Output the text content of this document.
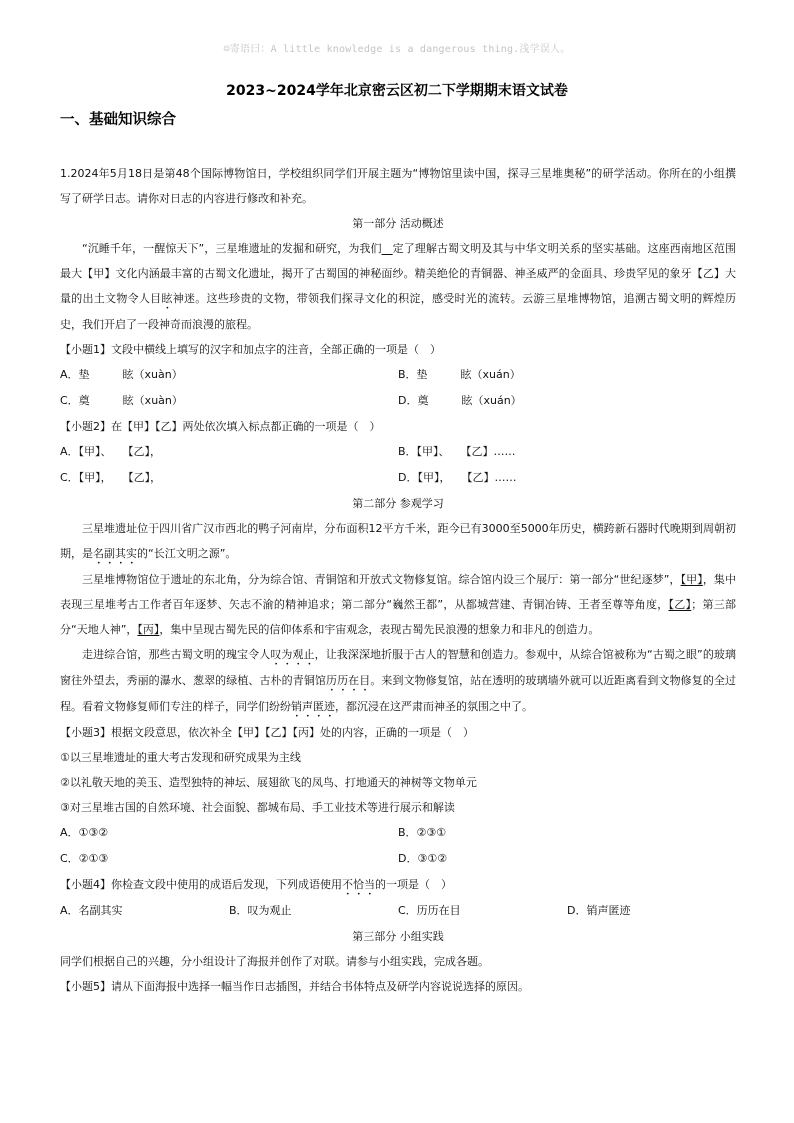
☺寄语曰：A little knowledge is a dangerous thing.浅学误人。
2023~2024学年北京密云区初二下学期期末语文试卷
一、基础知识综合

1.2024年5月18日是第48个国际博物馆日，学校组织同学们开展主题为“博物馆里读中国，探寻三星堆奥秘”的研学活动。你所在的小组撰写了研学日志。请你对日志的内容进行修改和补充。

第一部分 活动概述

“沉睡千年，一醒惊天下”，三星堆遗址的发掘和研究，为我们　 定了理解古蜀文明及其与中华文明关系的坚实基础。这座西南地区范围最大【甲】文化内涵最丰富的古蜀文化遗址，揭开了古蜀国的神秘面纱。精美绝伦的青铜器、神圣威严的金面具、珍贵罕见的象牙【乙】大量的出土文物令人目眩神迷。这些珍贵的文物，带领我们探寻文化的积淀，感受时光的流转。云游三星堆博物馆，追溯古蜀文明的辉煌历史，我们开启了一段神奇而浪漫的旅程。

【小题1】文段中横线上填写的汉字和加点字的注音，全部正确的一项是（　）

A．垫　　　眩（xuàn）	B．垫　　　眩（xuán）
C．奠　　　眩（xuàn）	D．奠　　　眩（xuán）

【小题2】在【甲】【乙】两处依次填入标点都正确的一项是（　）

A．【甲】、　　【乙】，	B．【甲】、　　【乙】……
C．【甲】，　　【乙】，	D．【甲】，　　【乙】……

第二部分 参观学习

三星堆遗址位于四川省广汉市西北的鸭子河南岸，分布面积12平方千米，距今已有3000至5000年历史，横跨新石器时代晚期到周朝初期，是名副其实的“长江文明之源”。

三星堆博物馆位于遗址的东北角，分为综合馆、青铜馆和开放式文物修复馆。综合馆内设三个展厅：第一部分“世纪逐梦”，【甲】，集中表现三星堆考古工作者百年逐梦、矢志不渝的精神追求；第二部分“巍然王都”，从都城营建、青铜冶铸、王者至尊等角度，【乙】；第三部分“天地人神”，【丙】，集中呈现古蜀先民的信仰体系和宇宙观念，表现古蜀先民浪漫的想象力和非凡的创造力。

走进综合馆，那些古蜀文明的瑰宝令人叹为观止，让我深深地折服于古人的智慧和创造力。参观中，从综合馆被称为“古蜀之眼”的玻璃窗往外望去，秀丽的瀑水、葱翠的绿植、古朴的青铜馆历历在目。来到文物修复馆，站在透明的玻璃墙外就可以近距离看到文物修复的全过程。看着文物修复师们专注的样子，同学们纷纷销声匿迹，都沉浸在这严肃而神圣的氛围之中了。

【小题3】根据文段意思，依次补全【甲】【乙】【丙】处的内容，正确的一项是（　）

①以三星堆遗址的重大考古发现和研究成果为主线

②以礼敬天地的美玉、造型独特的神坛、展翅欲飞的凤鸟、打地通天的神树等文物单元

③对三星堆古国的自然环境、社会面貌、都城布局、手工业技术等进行展示和解读

A．①③②	B．②③①
C．②①③	D．③①②

【小题4】你检查文段中使用的成语后发现，下列成语使用不恰当的一项是（　）

A．名副其实	B．叹为观止	C．历历在目	D．销声匿迹

第三部分 小组实践

同学们根据自己的兴趣，分小组设计了海报并创作了对联。请参与小组实践，完成各题。

【小题5】请从下面海报中选择一幅当作日志插图，并结合书体特点及研学内容说说选择的原因。
